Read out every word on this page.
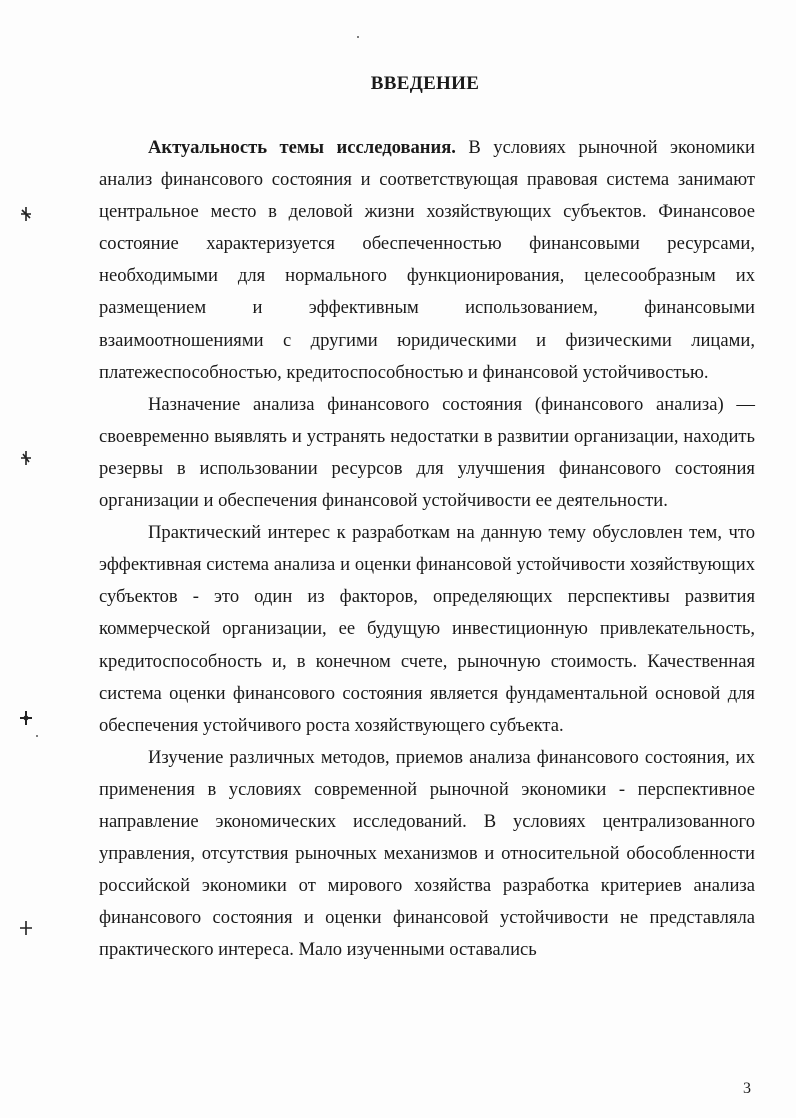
ВВЕДЕНИЕ

Актуальность темы исследования. В условиях рыночной экономики анализ финансового состояния и соответствующая правовая система занимают центральное место в деловой жизни хозяйствующих субъектов. Финансовое состояние характеризуется обеспеченностью финансовыми ресурсами, необходимыми для нормального функционирования, целесообразным их размещением и эффективным использованием, финансовыми взаимоотношениями с другими юридическими и физическими лицами, платежеспособностью, кредитоспособностью и финансовой устойчивостью.

Назначение анализа финансового состояния (финансового анализа) — своевременно выявлять и устранять недостатки в развитии организации, находить резервы в использовании ресурсов для улучшения финансового состояния организации и обеспечения финансовой устойчивости ее деятельности.

Практический интерес к разработкам на данную тему обусловлен тем, что эффективная система анализа и оценки финансовой устойчивости хозяйствующих субъектов - это один из факторов, определяющих перспективы развития коммерческой организации, ее будущую инвестиционную привлекательность, кредитоспособность и, в конечном счете, рыночную стоимость. Качественная система оценки финансового состояния является фундаментальной основой для обеспечения устойчивого роста хозяйствующего субъекта.

Изучение различных методов, приемов анализа финансового состояния, их применения в условиях современной рыночной экономики - перспективное направление экономических исследований. В условиях централизованного управления, отсутствия рыночных механизмов и относительной обособленности российской экономики от мирового хозяйства разработка критериев анализа финансового состояния и оценки финансовой устойчивости не представляла практического интереса. Мало изученными оставались

3
